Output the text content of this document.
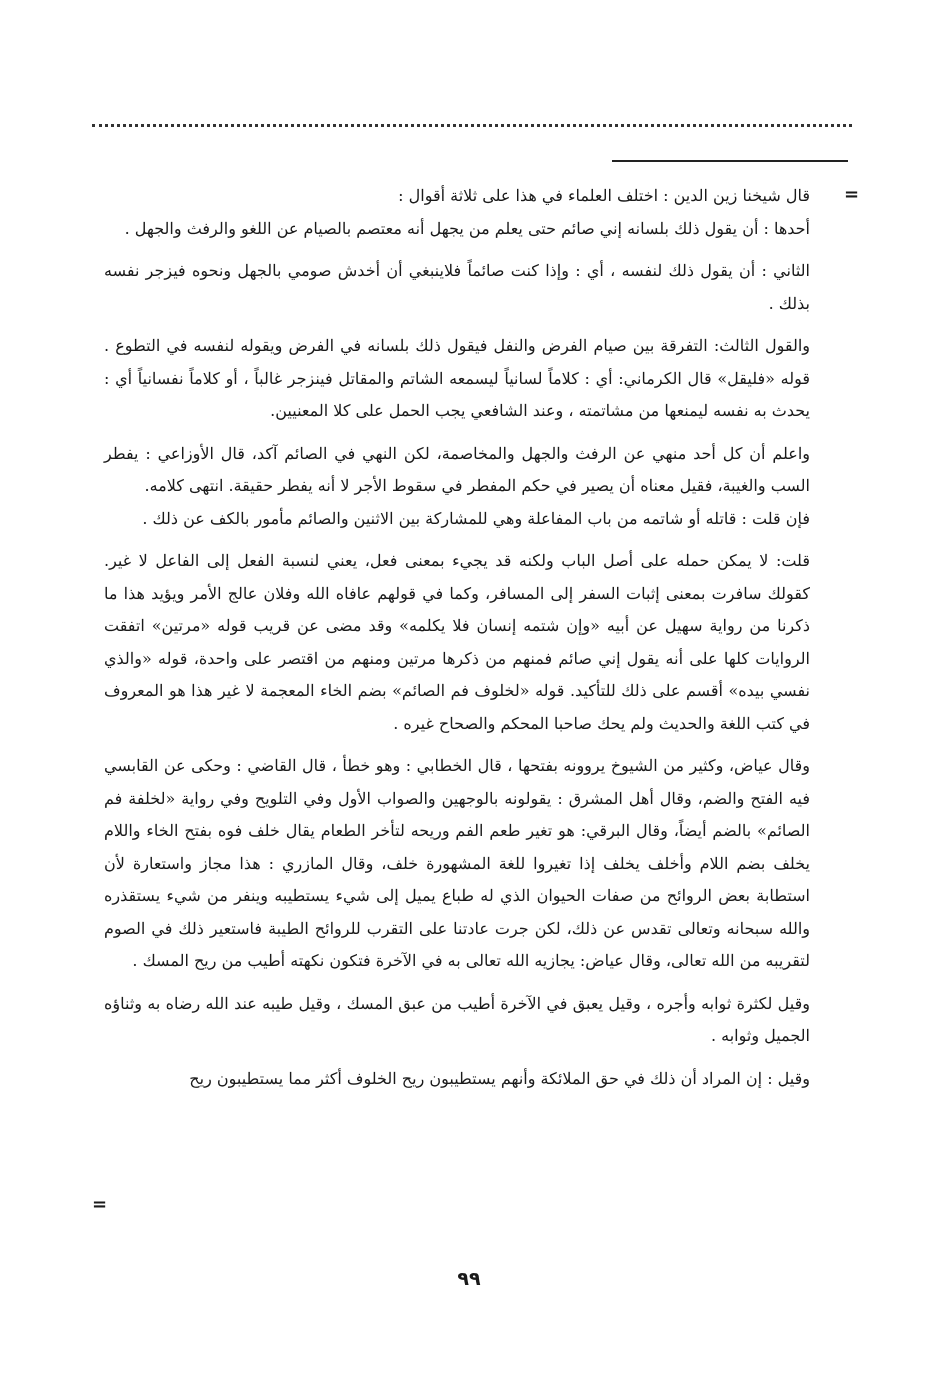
=

قال شيخنا زين الدين : اختلف العلماء في هذا على ثلاثة أقوال :

أحدها : أن يقول ذلك بلسانه إني صائم حتى يعلم من يجهل أنه معتصم بالصيام عن اللغو والرفث والجهل .

الثاني : أن يقول ذلك لنفسه ، أي : وإذا كنت صائماً فلاينبغي أن أخدش صومي بالجهل ونحوه فيزجر نفسه بذلك .

والقول الثالث: التفرقة بين صيام الفرض والنفل فيقول ذلك بلسانه في الفرض ويقوله لنفسه في التطوع . قوله «فليقل» قال الكرماني: أي : كلاماً لسانياً ليسمعه الشاتم والمقاتل فينزجر غالباً ، أو كلاماً نفسانياً أي : يحدث به نفسه ليمنعها من مشاتمته ، وعند الشافعي يجب الحمل على كلا المعنيين.

واعلم أن كل أحد منهي عن الرفث والجهل والمخاصمة، لكن النهي في الصائم آكد، قال الأوزاعي : يفطر السب والغيبة، فقيل معناه أن يصير في حكم المفطر في سقوط الأجر لا أنه يفطر حقيقة. انتهى كلامه.

فإن قلت : قاتله أو شاتمه من باب المفاعلة وهي للمشاركة بين الاثنين والصائم مأمور بالكف عن ذلك .

قلت: لا يمكن حمله على أصل الباب ولكنه قد يجيء بمعنى فعل، يعني لنسبة الفعل إلى الفاعل لا غير. كقولك سافرت بمعنى إثبات السفر إلى المسافر، وكما في قولهم عافاه الله وفلان عالج الأمر ويؤيد هذا ما ذكرنا من رواية سهيل عن أبيه «وإن شتمه إنسان فلا يكلمه» وقد مضى عن قريب قوله «مرتين» اتفقت الروايات كلها على أنه يقول إني صائم فمنهم من ذكرها مرتين ومنهم من اقتصر على واحدة، قوله «والذي نفسي بيده» أقسم على ذلك للتأكيد. قوله «لخلوف فم الصائم» بضم الخاء المعجمة لا غير هذا هو المعروف في كتب اللغة والحديث ولم يحك صاحبا المحكم والصحاح غيره .

وقال عياض، وكثير من الشيوخ يروونه بفتحها ، قال الخطابي : وهو خطأ ، قال القاضي : وحكى عن القابسي فيه الفتح والضم، وقال أهل المشرق : يقولونه بالوجهين والصواب الأول وفي التلويح وفي رواية «لخلفة فم الصائم» بالضم أيضاً، وقال البرقي: هو تغير طعم الفم وريحه لتأخر الطعام يقال خلف فوه بفتح الخاء واللام يخلف بضم اللام وأخلف يخلف إذا تغيروا للغة المشهورة خلف، وقال المازري : هذا مجاز واستعارة لأن استطابة بعض الروائح من صفات الحيوان الذي له طباع يميل إلى شيء يستطيبه وينفر من شيء يستقذره والله سبحانه وتعالى تقدس عن ذلك، لكن جرت عادتنا على التقرب للروائح الطيبة فاستعير ذلك في الصوم لتقريبه من الله تعالى، وقال عياض: يجازيه الله تعالى به في الآخرة فتكون نكهته أطيب من ريح المسك .

وقيل لكثرة ثوابه وأجره ، وقيل يعبق في الآخرة أطيب من عبق المسك ، وقيل طيبه عند الله رضاه به وثناؤه الجميل وثوابه .

وقيل : إن المراد أن ذلك في حق الملائكة وأنهم يستطيبون ريح الخلوف أكثر مما يستطيبون ريح

=
٩٩
